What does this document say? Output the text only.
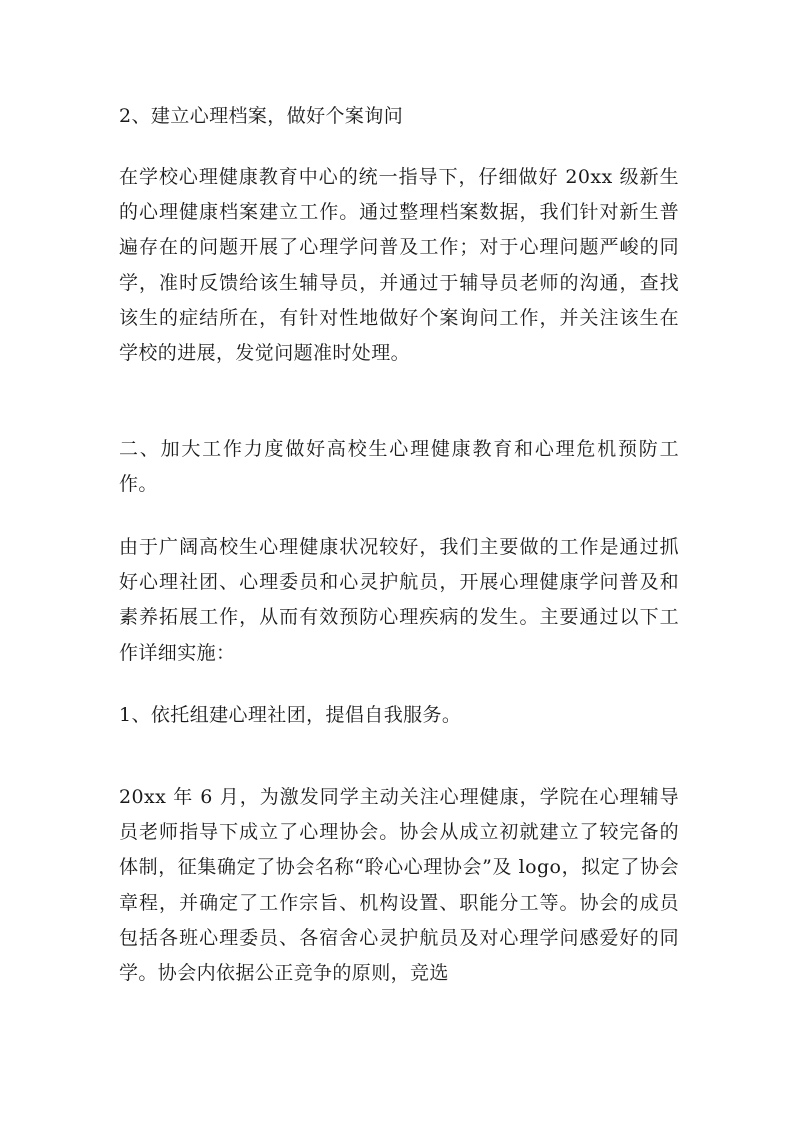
2、建立心理档案，做好个案询问

在学校心理健康教育中心的统一指导下，仔细做好 20xx 级新生的心理健康档案建立工作。通过整理档案数据，我们针对新生普遍存在的问题开展了心理学问普及工作；对于心理问题严峻的同学，准时反馈给该生辅导员，并通过于辅导员老师的沟通，查找该生的症结所在，有针对性地做好个案询问工作，并关注该生在学校的进展，发觉问题准时处理。

二、加大工作力度做好高校生心理健康教育和心理危机预防工作。

由于广阔高校生心理健康状况较好，我们主要做的工作是通过抓好心理社团、心理委员和心灵护航员，开展心理健康学问普及和素养拓展工作，从而有效预防心理疾病的发生。主要通过以下工作详细实施：

1、依托组建心理社团，提倡自我服务。

20xx 年 6 月，为激发同学主动关注心理健康，学院在心理辅导员老师指导下成立了心理协会。协会从成立初就建立了较完备的体制，征集确定了协会名称“聆心心理协会”及 logo，拟定了协会章程，并确定了工作宗旨、机构设置、职能分工等。协会的成员包括各班心理委员、各宿舍心灵护航员及对心理学问感爱好的同学。协会内依据公正竞争的原则，竞选
